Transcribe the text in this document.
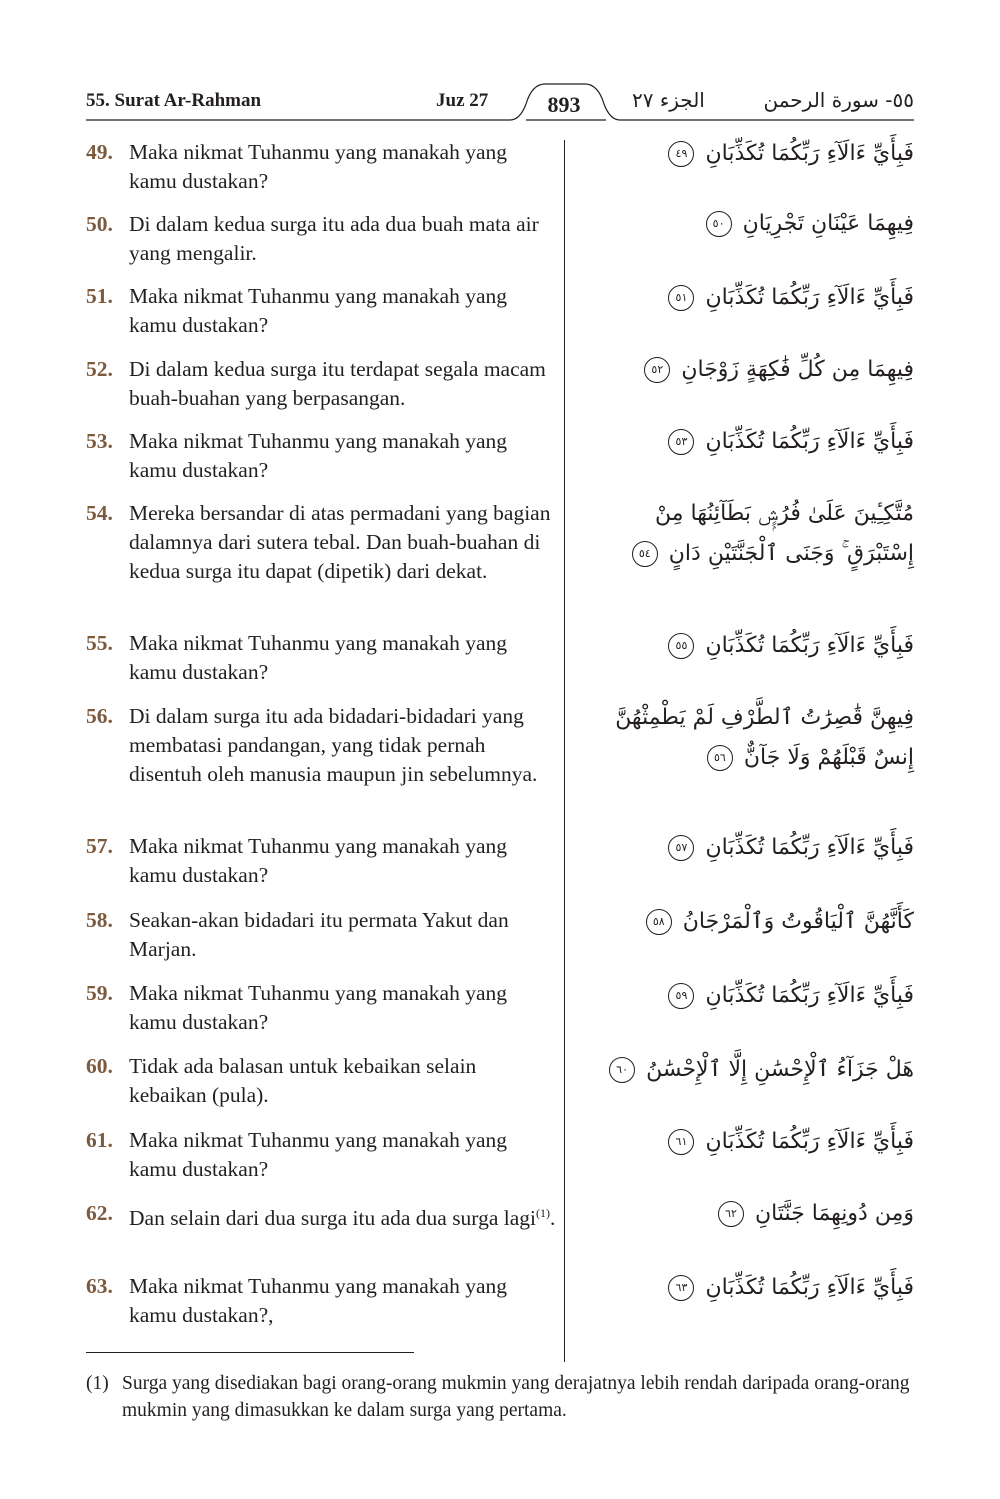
55. Surat Ar-Rahman	Juz 27	893	الجزء ٢٧	٥٥- سورة الرحمن
49. Maka nikmat Tuhanmu yang manakah yang kamu dustakan?
50. Di dalam kedua surga itu ada dua buah mata air yang mengalir.
51. Maka nikmat Tuhanmu yang manakah yang kamu dustakan?
52. Di dalam kedua surga itu terdapat segala macam buah-buahan yang berpasangan.
53. Maka nikmat Tuhanmu yang manakah yang kamu dustakan?
54. Mereka bersandar di atas permadani yang bagian dalamnya dari sutera tebal. Dan buah-buahan di kedua surga itu dapat (dipetik) dari dekat.
55. Maka nikmat Tuhanmu yang manakah yang kamu dustakan?
56. Di dalam surga itu ada bidadari-bidadari yang membatasi pandangan, yang tidak pernah disentuh oleh manusia maupun jin sebelumnya.
57. Maka nikmat Tuhanmu yang manakah yang kamu dustakan?
58. Seakan-akan bidadari itu permata Yakut dan Marjan.
59. Maka nikmat Tuhanmu yang manakah yang kamu dustakan?
60. Tidak ada balasan untuk kebaikan selain kebaikan (pula).
61. Maka nikmat Tuhanmu yang manakah yang kamu dustakan?
62. Dan selain dari dua surga itu ada dua surga lagi$^{(1)}$.
63. Maka nikmat Tuhanmu yang manakah yang kamu dustakan?,
فَبِأَيِّ ءَالَآءِ رَبِّكُمَا تُكَذِّبَانِ ٤٩
فِيهِمَا عَيْنَانِ تَجْرِيَانِ ٥٠
فَبِأَيِّ ءَالَآءِ رَبِّكُمَا تُكَذِّبَانِ ٥١
فِيهِمَا مِن كُلِّ فَٰكِهَةٍ زَوْجَانِ ٥٢
فَبِأَيِّ ءَالَآءِ رَبِّكُمَا تُكَذِّبَانِ ٥٣
مُتَّكِـِٔينَ عَلَىٰ فُرُشٍۭ بَطَآئِنُهَا مِنْ إِسْتَبْرَقٍ ۚ وَجَنَى ٱلْجَنَّتَيْنِ دَانٍ ٥٤
فَبِأَيِّ ءَالَآءِ رَبِّكُمَا تُكَذِّبَانِ ٥٥
فِيهِنَّ قَٰصِرَٰتُ ٱلطَّرْفِ لَمْ يَطْمِثْهُنَّ إِنسٌ قَبْلَهُمْ وَلَا جَآنٌّ ٥٦
فَبِأَيِّ ءَالَآءِ رَبِّكُمَا تُكَذِّبَانِ ٥٧
كَأَنَّهُنَّ ٱلْيَاقُوتُ وَٱلْمَرْجَانُ ٥٨
فَبِأَيِّ ءَالَآءِ رَبِّكُمَا تُكَذِّبَانِ ٥٩
هَلْ جَزَآءُ ٱلْإِحْسَٰنِ إِلَّا ٱلْإِحْسَٰنُ ٦٠
فَبِأَيِّ ءَالَآءِ رَبِّكُمَا تُكَذِّبَانِ ٦١
وَمِن دُونِهِمَا جَنَّتَانِ ٦٢
فَبِأَيِّ ءَالَآءِ رَبِّكُمَا تُكَذِّبَانِ ٦٣
(1) Surga yang disediakan bagi orang-orang mukmin yang derajatnya lebih rendah daripada orang-orang mukmin yang dimasukkan ke dalam surga yang pertama.
